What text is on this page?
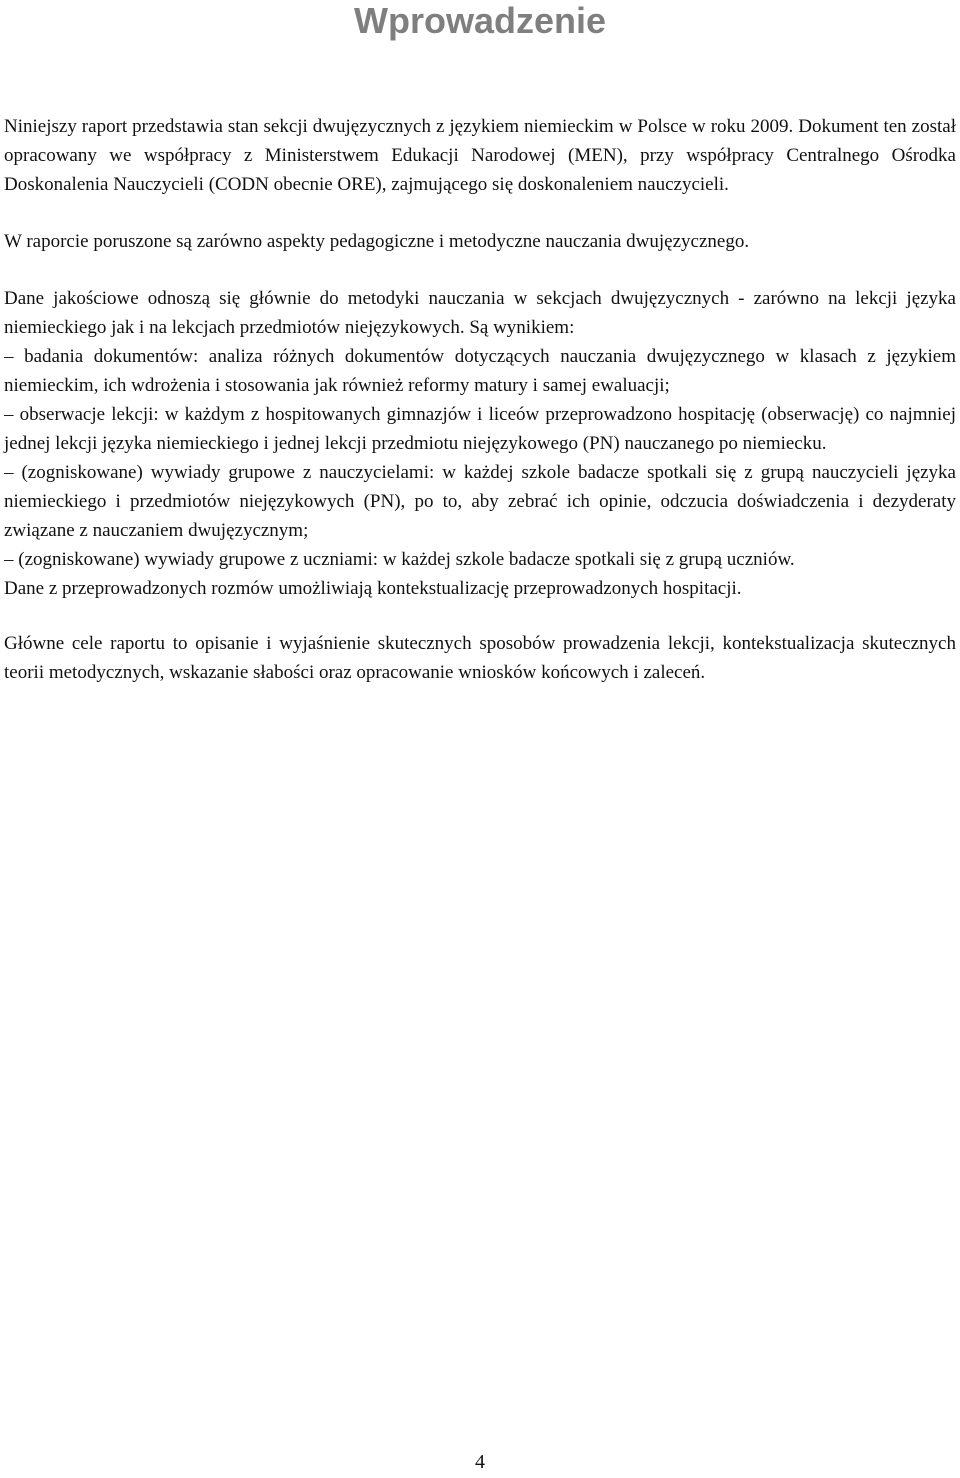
Wprowadzenie

Niniejszy raport przedstawia stan sekcji dwujęzycznych z językiem niemieckim w Polsce w roku 2009. Dokument ten został opracowany we współpracy z Ministerstwem Edukacji Narodowej (MEN), przy współpracy Centralnego Ośrodka Doskonalenia Nauczycieli (CODN obecnie ORE), zajmującego się doskonaleniem nauczycieli.

W raporcie poruszone są zarówno aspekty pedagogiczne i metodyczne nauczania dwujęzycznego.

Dane jakościowe odnoszą się głównie do metodyki nauczania w sekcjach dwujęzycznych - zarówno na lekcji języka niemieckiego jak i na lekcjach przedmiotów niejęzykowych. Są wynikiem:

– badania dokumentów: analiza różnych dokumentów dotyczących nauczania dwujęzycznego w klasach z językiem niemieckim, ich wdrożenia i stosowania jak również reformy matury i samej ewaluacji;

– obserwacje lekcji: w każdym z hospitowanych gimnazjów i liceów przeprowadzono hospitację (obserwację) co najmniej jednej lekcji języka niemieckiego i jednej lekcji przedmiotu niejęzykowego (PN) nauczanego po niemiecku.

– (zogniskowane) wywiady grupowe z nauczycielami: w każdej szkole badacze spotkali się z grupą nauczycieli języka niemieckiego i przedmiotów niejęzykowych (PN), po to, aby zebrać ich opinie, odczucia doświadczenia i dezyderaty związane z nauczaniem dwujęzycznym;

– (zogniskowane) wywiady grupowe z uczniami: w każdej szkole badacze spotkali się z grupą uczniów.

Dane z przeprowadzonych rozmów umożliwiają kontekstualizację przeprowadzonych hospitacji.

Główne cele raportu to opisanie i wyjaśnienie skutecznych sposobów prowadzenia lekcji, kontekstualizacja skutecznych teorii metodycznych, wskazanie słabości oraz opracowanie wniosków końcowych i zaleceń.

4
